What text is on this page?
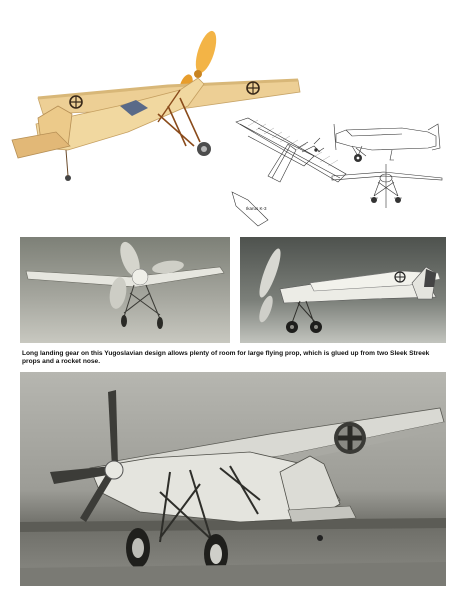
Ikarus K-3
Long landing gear on this Yugoslavian design allows plenty of room for large flying prop, which is glued up from two Sleek Streek props and a rocket nose.
